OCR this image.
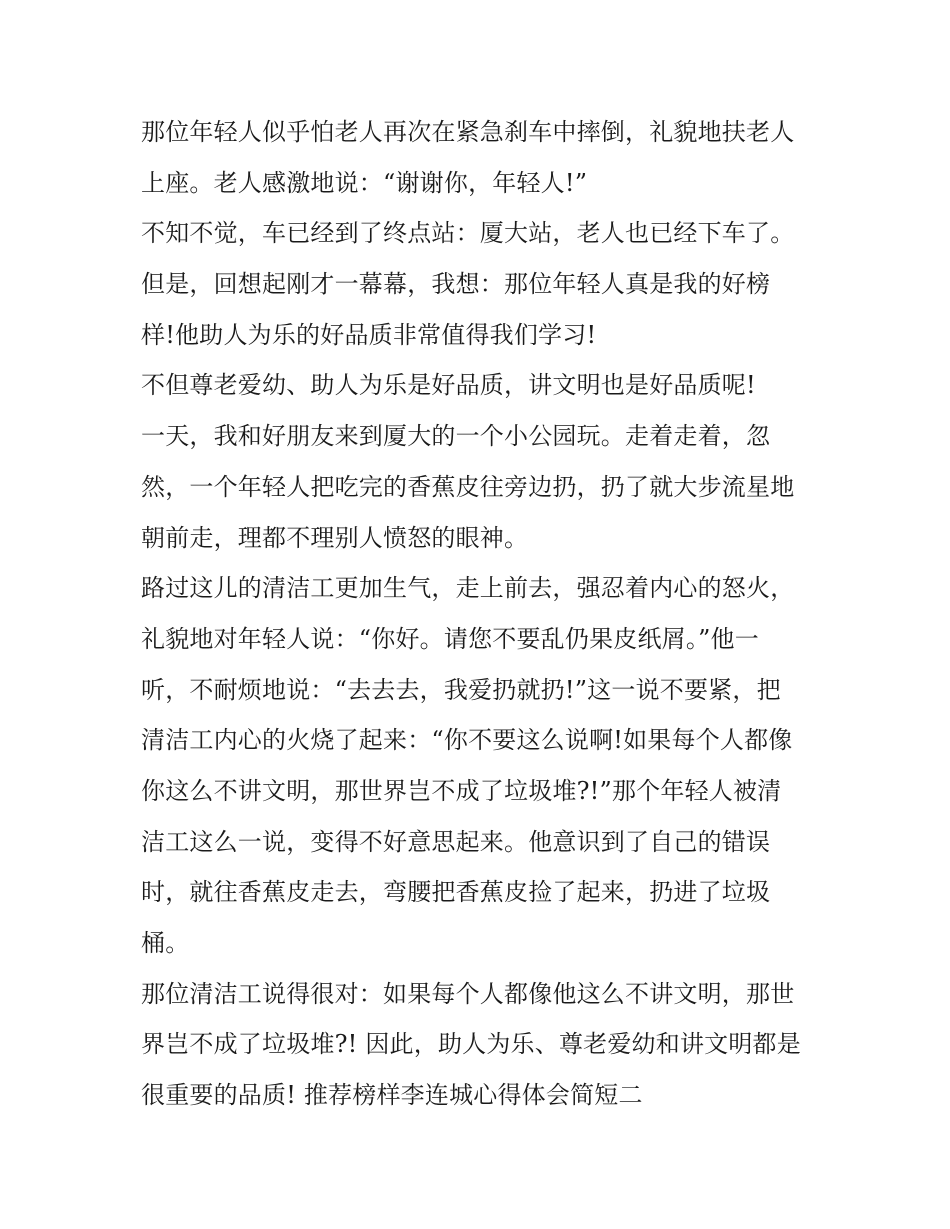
那位年轻人似乎怕老人再次在紧急刹车中摔倒，礼貌地扶老人
上座。老人感激地说：“谢谢你，年轻人!”
不知不觉，车已经到了终点站：厦大站，老人也已经下车了。
但是，回想起刚才一幕幕，我想：那位年轻人真是我的好榜
样!他助人为乐的好品质非常值得我们学习!
不但尊老爱幼、助人为乐是好品质，讲文明也是好品质呢!
一天，我和好朋友来到厦大的一个小公园玩。走着走着，忽
然，一个年轻人把吃完的香蕉皮往旁边扔，扔了就大步流星地
朝前走，理都不理别人愤怒的眼神。
路过这儿的清洁工更加生气，走上前去，强忍着内心的怒火，
礼貌地对年轻人说：“你好。请您不要乱仍果皮纸屑。”他一
听，不耐烦地说：“去去去，我爱扔就扔!”这一说不要紧，把
清洁工内心的火烧了起来：“你不要这么说啊!如果每个人都像
你这么不讲文明，那世界岂不成了垃圾堆?!”那个年轻人被清
洁工这么一说，变得不好意思起来。他意识到了自己的错误
时，就往香蕉皮走去，弯腰把香蕉皮捡了起来，扔进了垃圾
桶。
那位清洁工说得很对：如果每个人都像他这么不讲文明，那世
界岂不成了垃圾堆?! 因此，助人为乐、尊老爱幼和讲文明都是
很重要的品质! 推荐榜样李连城心得体会简短二
